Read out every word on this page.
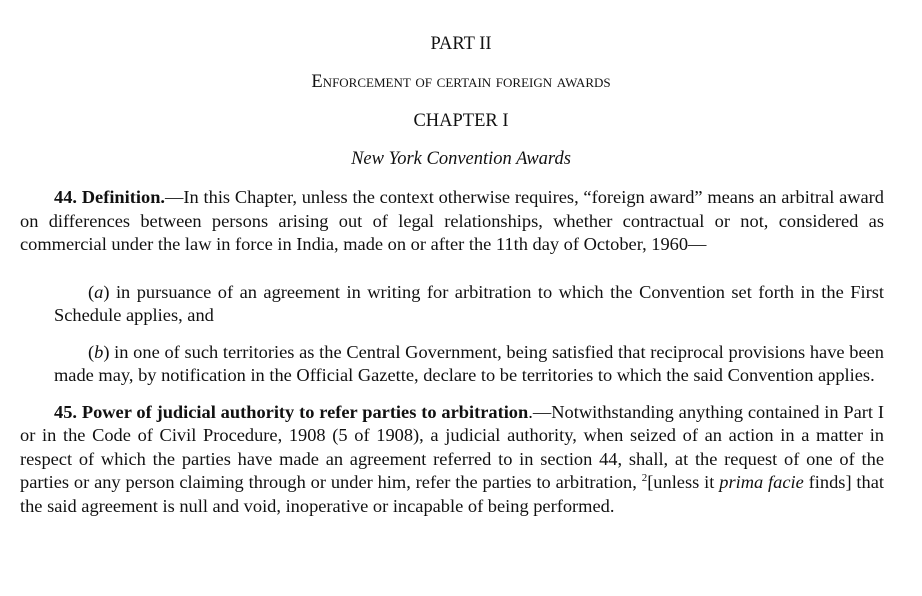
PART II

Enforcement of certain foreign awards

CHAPTER I

New York Convention Awards

44. Definition.—In this Chapter, unless the context otherwise requires, “foreign award” means an arbitral award on differences between persons arising out of legal relationships, whether contractual or not, considered as commercial under the law in force in India, made on or after the 11th day of October, 1960—

(a) in pursuance of an agreement in writing for arbitration to which the Convention set forth in the First Schedule applies, and

(b) in one of such territories as the Central Government, being satisfied that reciprocal provisions have been made may, by notification in the Official Gazette, declare to be territories to which the said Convention applies.

45. Power of judicial authority to refer parties to arbitration.—Notwithstanding anything contained in Part I or in the Code of Civil Procedure, 1908 (5 of 1908), a judicial authority, when seized of an action in a matter in respect of which the parties have made an agreement referred to in section 44, shall, at the request of one of the parties or any person claiming through or under him, refer the parties to arbitration, $^2$[unless it prima facie finds] that the said agreement is null and void, inoperative or incapable of being performed.
